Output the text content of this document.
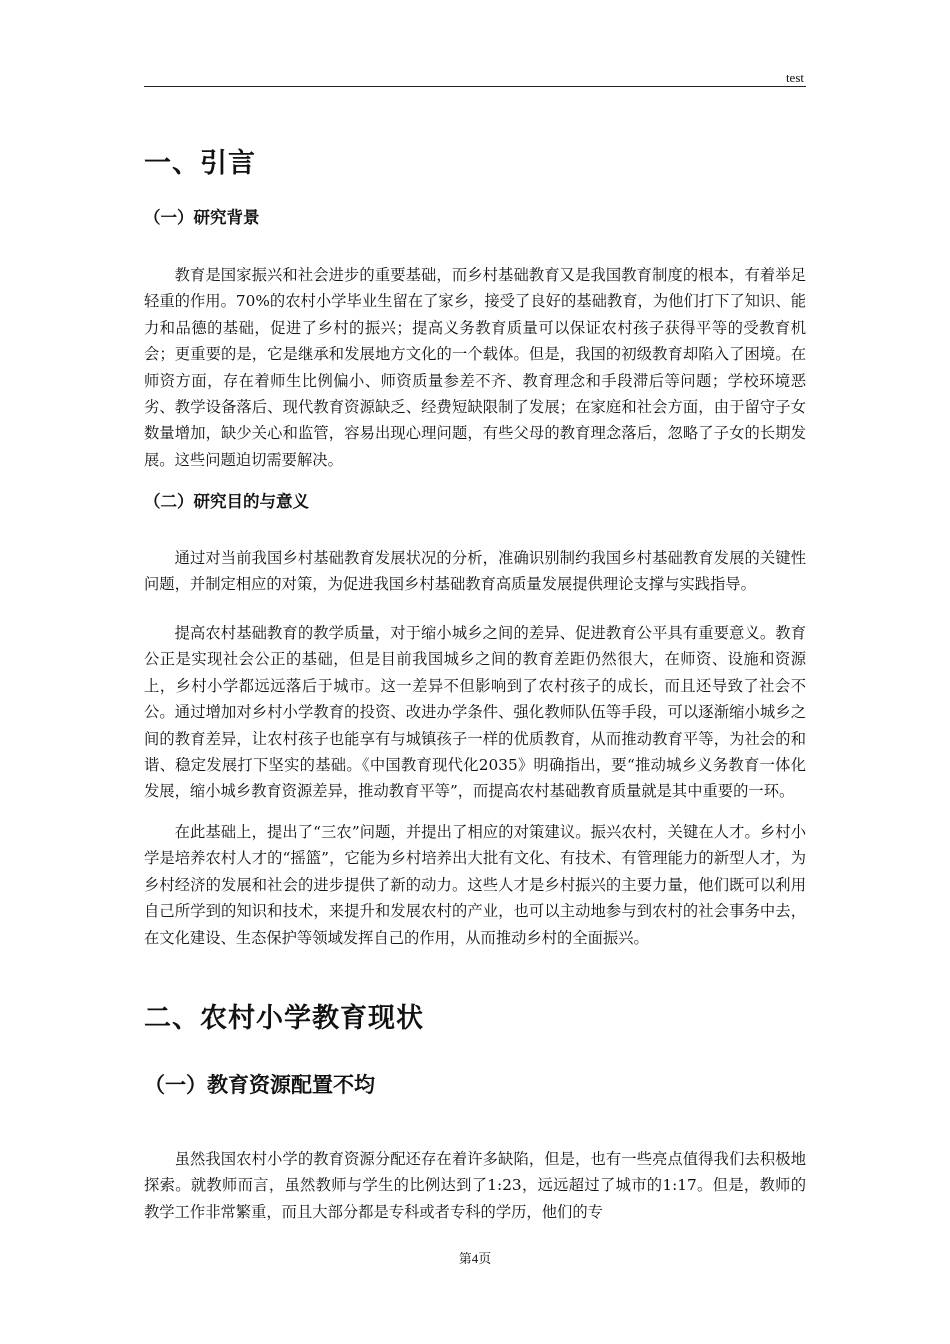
test
一、引言
（一）研究背景

教育是国家振兴和社会进步的重要基础，而乡村基础教育又是我国教育制度的根本，有着举足轻重的作用。70%的农村小学毕业生留在了家乡，接受了良好的基础教育，为他们打下了知识、能力和品德的基础，促进了乡村的振兴；提高义务教育质量可以保证农村孩子获得平等的受教育机会；更重要的是，它是继承和发展地方文化的一个载体。但是，我国的初级教育却陷入了困境。在师资方面，存在着师生比例偏小、师资质量参差不齐、教育理念和手段滞后等问题；学校环境恶劣、教学设备落后、现代教育资源缺乏、经费短缺限制了发展；在家庭和社会方面，由于留守子女数量增加，缺少关心和监管，容易出现心理问题，有些父母的教育理念落后，忽略了子女的长期发展。这些问题迫切需要解决。

（二）研究目的与意义

通过对当前我国乡村基础教育发展状况的分析，准确识别制约我国乡村基础教育发展的关键性问题，并制定相应的对策，为促进我国乡村基础教育高质量发展提供理论支撑与实践指导。

提高农村基础教育的教学质量，对于缩小城乡之间的差异、促进教育公平具有重要意义。教育公正是实现社会公正的基础，但是目前我国城乡之间的教育差距仍然很大，在师资、设施和资源上，乡村小学都远远落后于城市。这一差异不但影响到了农村孩子的成长，而且还导致了社会不公。通过增加对乡村小学教育的投资、改进办学条件、强化教师队伍等手段，可以逐渐缩小城乡之间的教育差异，让农村孩子也能享有与城镇孩子一样的优质教育，从而推动教育平等，为社会的和谐、稳定发展打下坚实的基础。《中国教育现代化2035》明确指出，要“推动城乡义务教育一体化发展，缩小城乡教育资源差异，推动教育平等”，而提高农村基础教育质量就是其中重要的一环。

在此基础上，提出了“三农”问题，并提出了相应的对策建议。振兴农村，关键在人才。乡村小学是培养农村人才的“摇篮”，它能为乡村培养出大批有文化、有技术、有管理能力的新型人才，为乡村经济的发展和社会的进步提供了新的动力。这些人才是乡村振兴的主要力量，他们既可以利用自己所学到的知识和技术，来提升和发展农村的产业，也可以主动地参与到农村的社会事务中去，在文化建设、生态保护等领域发挥自己的作用，从而推动乡村的全面振兴。

二、农村小学教育现状
（一）教育资源配置不均

虽然我国农村小学的教育资源分配还存在着许多缺陷，但是，也有一些亮点值得我们去积极地探索。就教师而言，虽然教师与学生的比例达到了1:23，远远超过了城市的1:17。但是，教师的教学工作非常繁重，而且大部分都是专科或者专科的学历，他们的专

第4页
